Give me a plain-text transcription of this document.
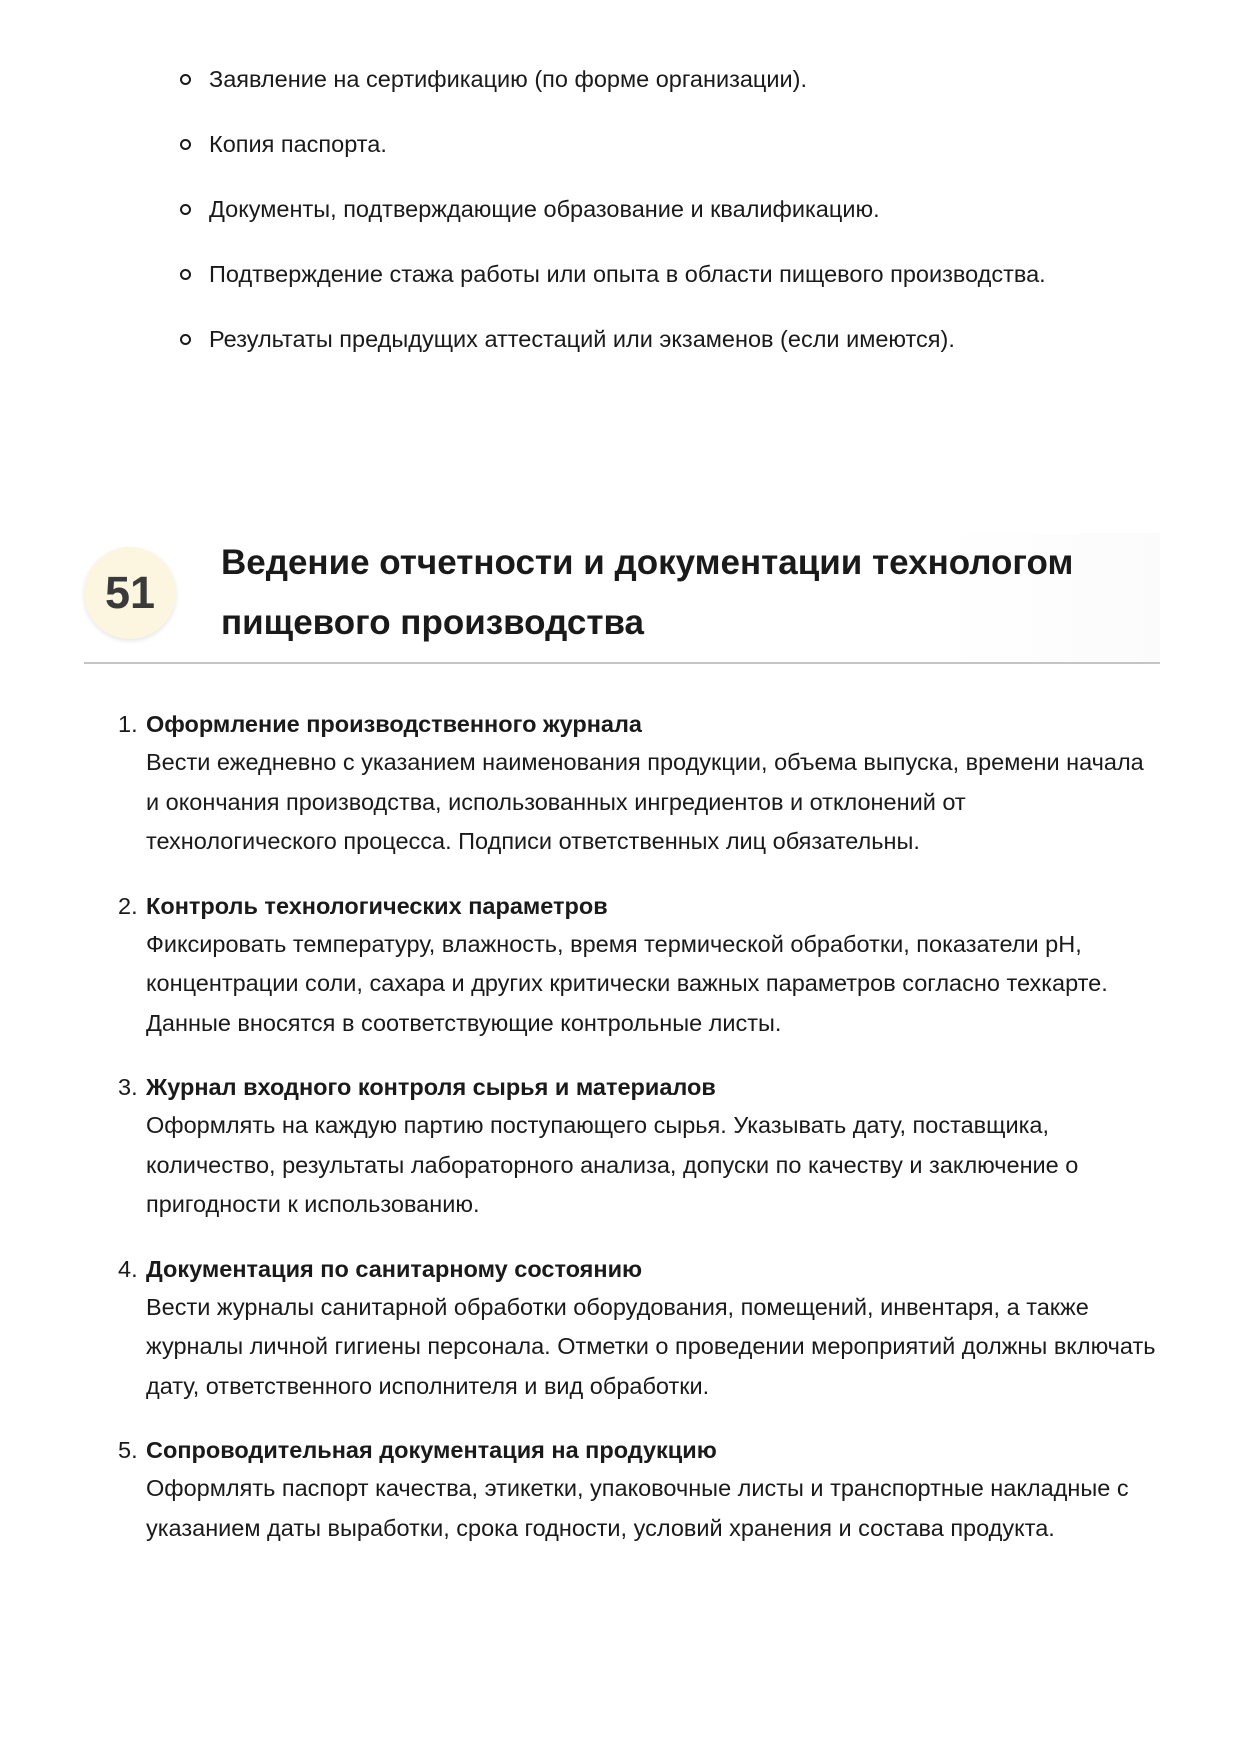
Заявление на сертификацию (по форме организации).
Копия паспорта.
Документы, подтверждающие образование и квалификацию.
Подтверждение стажа работы или опыта в области пищевого производства.
Результаты предыдущих аттестаций или экзаменов (если имеются).
51
Ведение отчетности и документации технологом
пищевого производства
1. Оформление производственного журнала
Вести ежедневно с указанием наименования продукции, объема выпуска, времени начала и окончания производства, использованных ингредиентов и отклонений от технологического процесса. Подписи ответственных лиц обязательны.
2. Контроль технологических параметров
Фиксировать температуру, влажность, время термической обработки, показатели pH, концентрации соли, сахара и других критически важных параметров согласно техкарте. Данные вносятся в соответствующие контрольные листы.
3. Журнал входного контроля сырья и материалов
Оформлять на каждую партию поступающего сырья. Указывать дату, поставщика, количество, результаты лабораторного анализа, допуски по качеству и заключение о пригодности к использованию.
4. Документация по санитарному состоянию
Вести журналы санитарной обработки оборудования, помещений, инвентаря, а также журналы личной гигиены персонала. Отметки о проведении мероприятий должны включать дату, ответственного исполнителя и вид обработки.
5. Сопроводительная документация на продукцию
Оформлять паспорт качества, этикетки, упаковочные листы и транспортные накладные с указанием даты выработки, срока годности, условий хранения и состава продукта.
